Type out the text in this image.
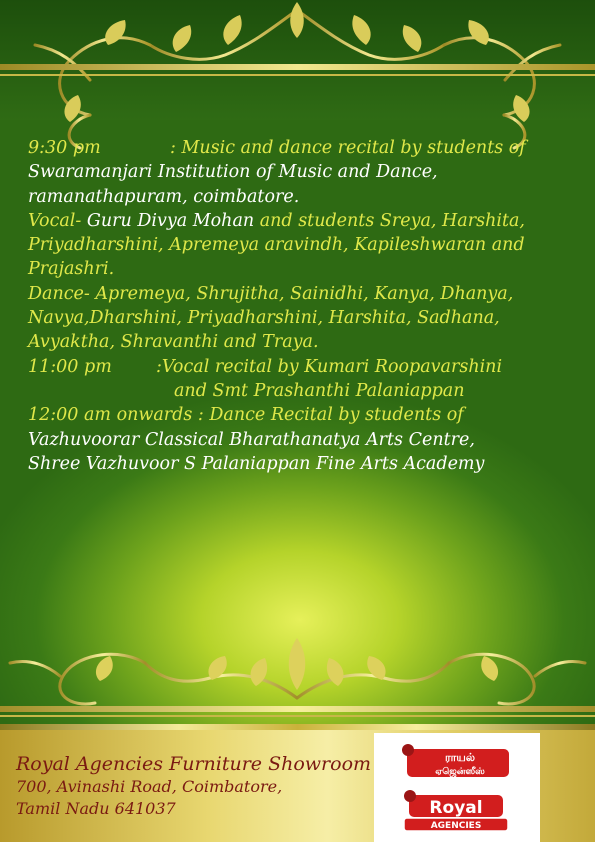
9:30 pm	: Music and dance recital by students of
Swaramanjari Institution of Music and Dance,
ramanathapuram, coimbatore.
Vocal- Guru Divya Mohan and students Sreya, Harshita,
Priyadharshini, Apremeya aravindh, Kapileshwaran and
Prajashri.
Dance- Apremeya, Shrujitha, Sainidhi, Kanya, Dhanya,
Navya,Dharshini, Priyadharshini, Harshita, Sadhana,
Avyaktha, Shravanthi and Traya.
11:00 pm	:Vocal recital by Kumari Roopavarshini
and Smt Prashanthi Palaniappan
12:00 am onwards : Dance Recital by students of
Vazhuvoorar Classical Bharathanatya Arts Centre,
Shree Vazhuvoor S Palaniappan Fine Arts Academy
Royal Agencies Furniture Showroom
700, Avinashi Road, Coimbatore,
Tamil Nadu 641037
ராயல்
ஏஜென்ஸீஸ்
Royal
AGENCIES
